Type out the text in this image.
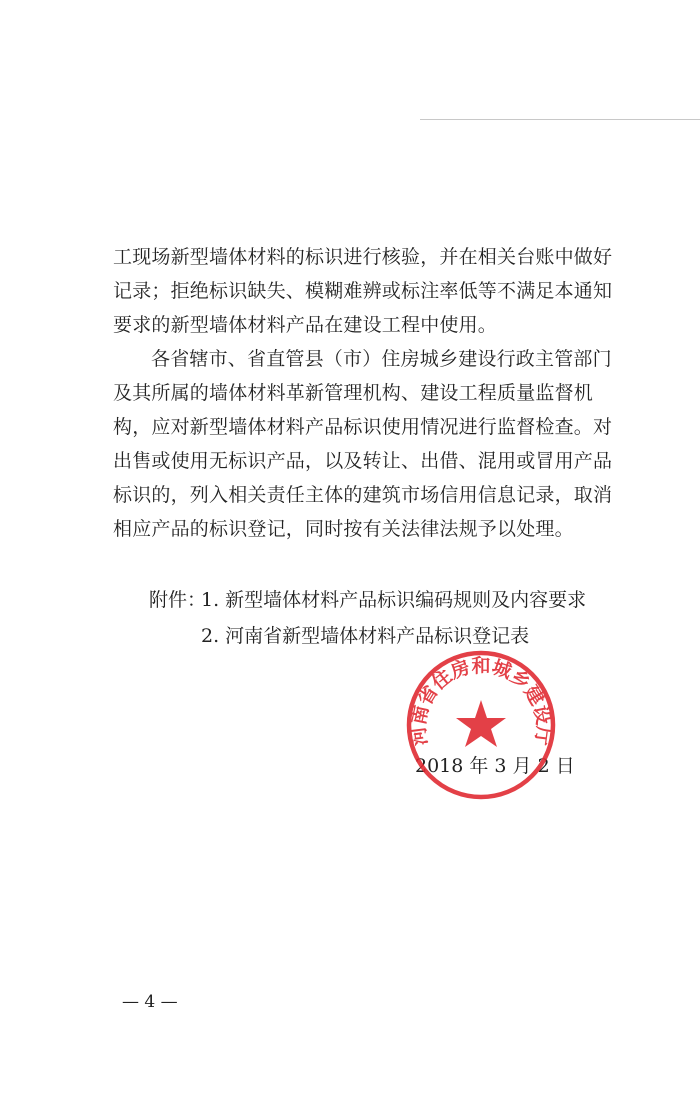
工现场新型墙体材料的标识进行核验，并在相关台账中做好记录；拒绝标识缺失、模糊难辨或标注率低等不满足本通知要求的新型墙体材料产品在建设工程中使用。

各省辖市、省直管县（市）住房城乡建设行政主管部门及其所属的墙体材料革新管理机构、建设工程质量监督机构，应对新型墙体材料产品标识使用情况进行监督检查。对出售或使用无标识产品，以及转让、出借、混用或冒用产品标识的，列入相关责任主体的建筑市场信用信息记录，取消相应产品的标识登记，同时按有关法律法规予以处理。

附件：1. 新型墙体材料产品标识编码规则及内容要求
2. 河南省新型墙体材料产品标识登记表
2018 年 3 月 2 日
河南省住房和城乡建设厅
— 4 —
